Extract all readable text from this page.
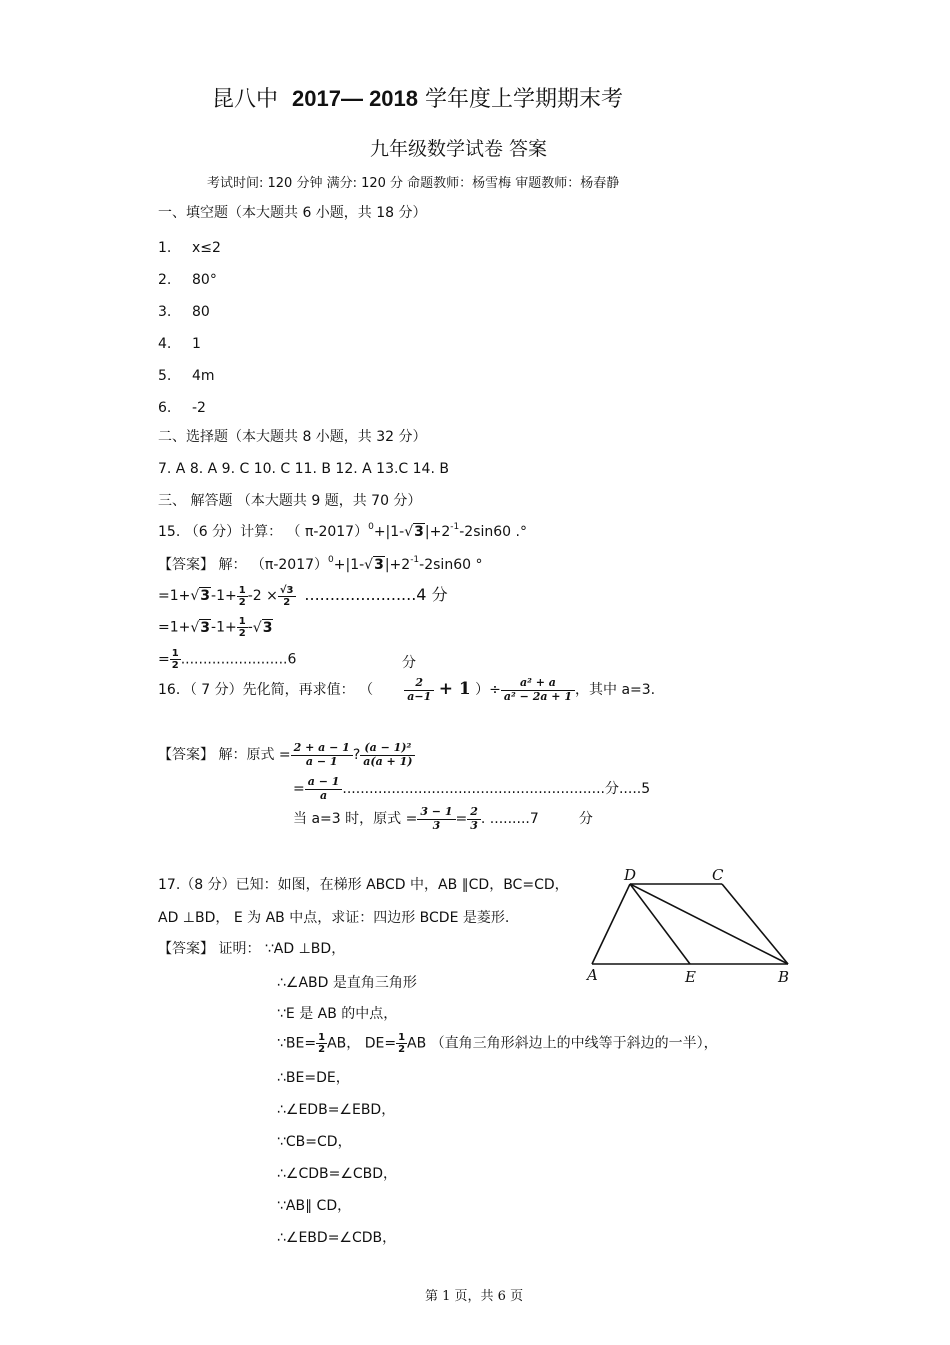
昆八中 2017— 2018 学年度上学期期末考
九年级数学试卷 答案
考试时间: 120 分钟 满分: 120 分 命题教师：杨雪梅 审题教师：杨春静
一、填空题（本大题共 6 小题，共 18 分）
1. x≤2
2. 80°
3. 80
4. 1
5. 4m
6. -2
二、选择题（本大题共 8 小题，共 32 分）
7. A 8. A 9. C 10. C 11. B 12. A 13.C 14. B
三、 解答题 （本大题共 9 题，共 70 分）
15. （6 分）计算： （ $\pi-2017)^0+|1-√3|+2^{-1}-2\sin 60$ .°
【答案】 解： $(\pi-2017)^0+|1-√3|+2^{-1}-2\sin 60$ °
$=1+√3-1+ \frac{1}{2} -2 \times \frac{√3}{2} ......................4$ 分
$=1+√3-1+ \frac{1}{2} -√3$
= $\frac{1}{2} ........................6$	分
16．（ 7 分）先化简，再求值： （	$\frac{2}{a-1} + 1$ ）÷ $\frac{\text{a² + a}}{\text{a² − 2a + 1}}$ ，其中 a=3.
【答案】 解：原式 = $\frac{2 + a - 1}{a - 1}$ ? $\frac{\text{(a − 1)²}}{a(a + 1)}$
= $\frac{a - 1}{a}$ ...........................................................分.....5
当 a=3 时，原式 = $\frac{3 - 1}{3} = \frac{2}{3}$ . .........7	分
17.（8 分）已知：如图，在梯形 ABCD 中，AB ∥CD，BC=CD，
AD ⊥BD， E 为 AB 中点，求证：四边形 BCDE 是菱形.
【答案】 证明： ∵AD ⊥BD，
∴∠ABD 是直角三角形
∵E 是 AB 的中点，
∵BE= $\frac{1}{2}$ AB， $DE= \frac{1}{2}$ AB （直角三角形斜边上的中线等于斜边的一半），
∴BE=DE，
∴∠EDB=∠EBD，
∵CB=CD，
∴∠CDB=∠CBD，
∵AB∥ CD，
∴∠EBD=∠CDB，
D	C
A	E	B
第 1 页，共 6 页
